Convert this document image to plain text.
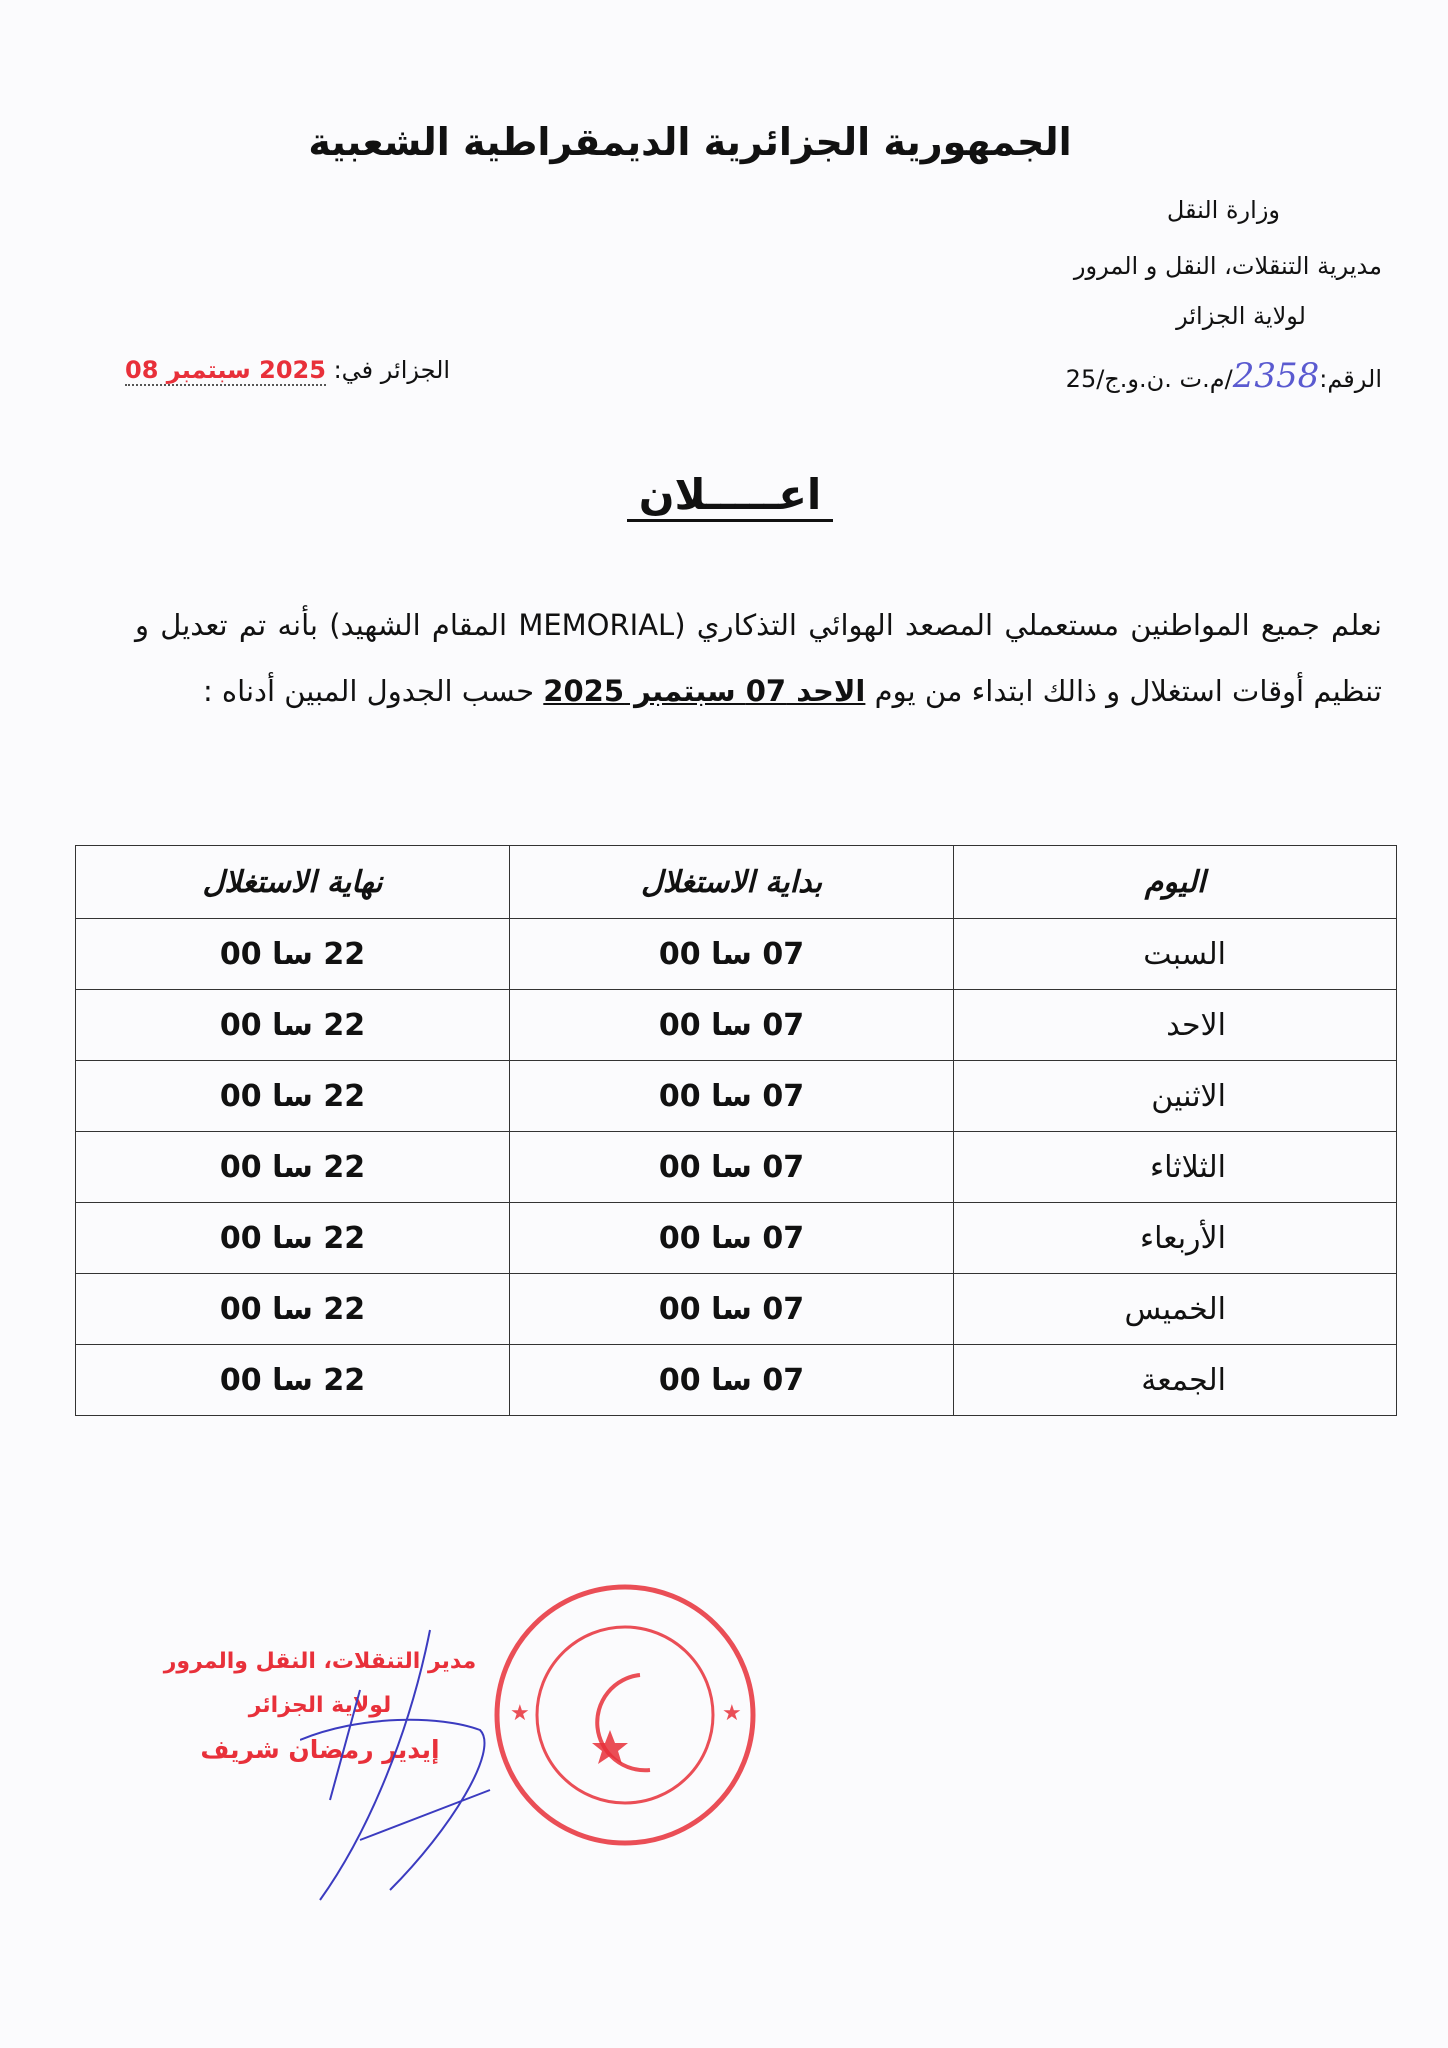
الجمهورية الجزائرية الديمقراطية الشعبية
وزارة النقل
مديرية التنقلات، النقل و المرور
لولاية الجزائر
الرقم:2358/م.ت .ن.و.ج/25
الجزائر في: 2025 سبتمبر 08
اعـــــلان
نعلم جميع المواطنين مستعملي المصعد الهوائي التذكاري (MEMORIAL المقام الشهيد) بأنه تم تعديل و تنظيم أوقات استغلال و ذالك ابتداء من يوم الاحد 07 سبتمبر 2025 حسب الجدول المبين أدناه :
اليوم	بداية الاستغلال	نهاية الاستغلال
السبت	07 سا 00	22 سا 00
الاحد	07 سا 00	22 سا 00
الاثنين	07 سا 00	22 سا 00
الثلاثاء	07 سا 00	22 سا 00
الأربعاء	07 سا 00	22 سا 00
الخميس	07 سا 00	22 سا 00
الجمعة	07 سا 00	22 سا 00
مدير التنقلات، النقل والمرور
لولاية الجزائر
إيدير رمضان شريف
★	★
